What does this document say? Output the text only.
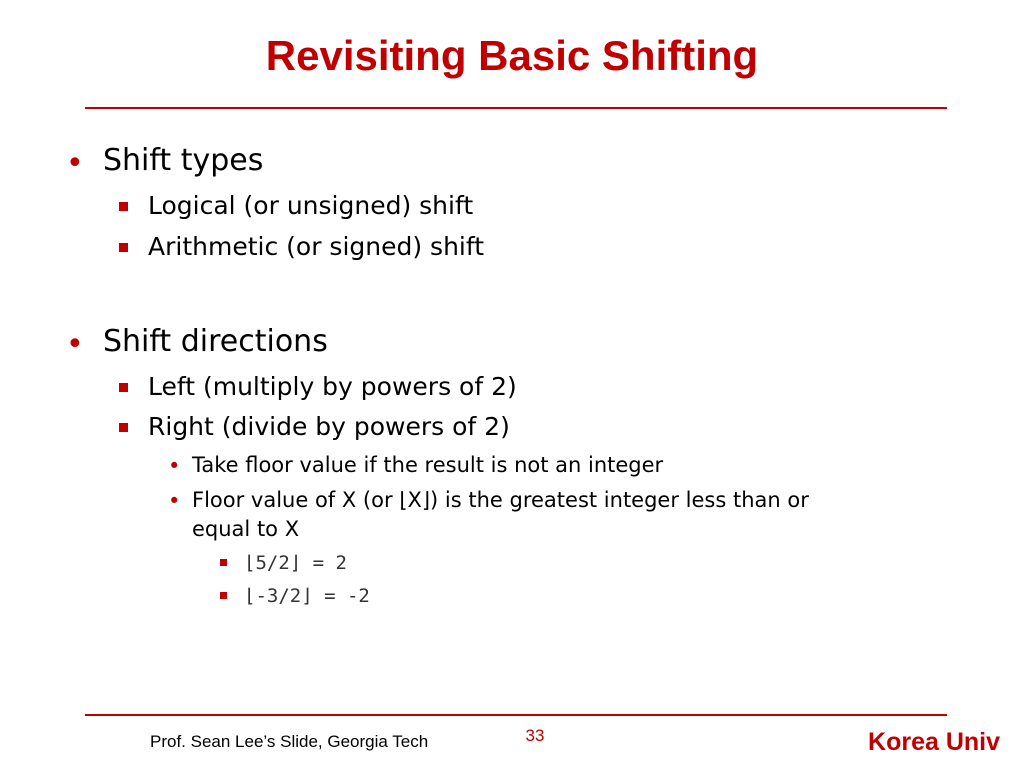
Revisiting Basic Shifting
• Shift types
Logical (or unsigned) shift
Arithmetic (or signed) shift
• Shift directions
Left (multiply by powers of 2)
Right (divide by powers of 2)
• Take floor value if the result is not an integer
• Floor value of X (or ⌊X⌋) is the greatest integer less than or
equal to X
⌊5/2⌋ = 2
⌊-3/2⌋ = -2
Prof. Sean Lee’s Slide, Georgia Tech	33	Korea Univ
